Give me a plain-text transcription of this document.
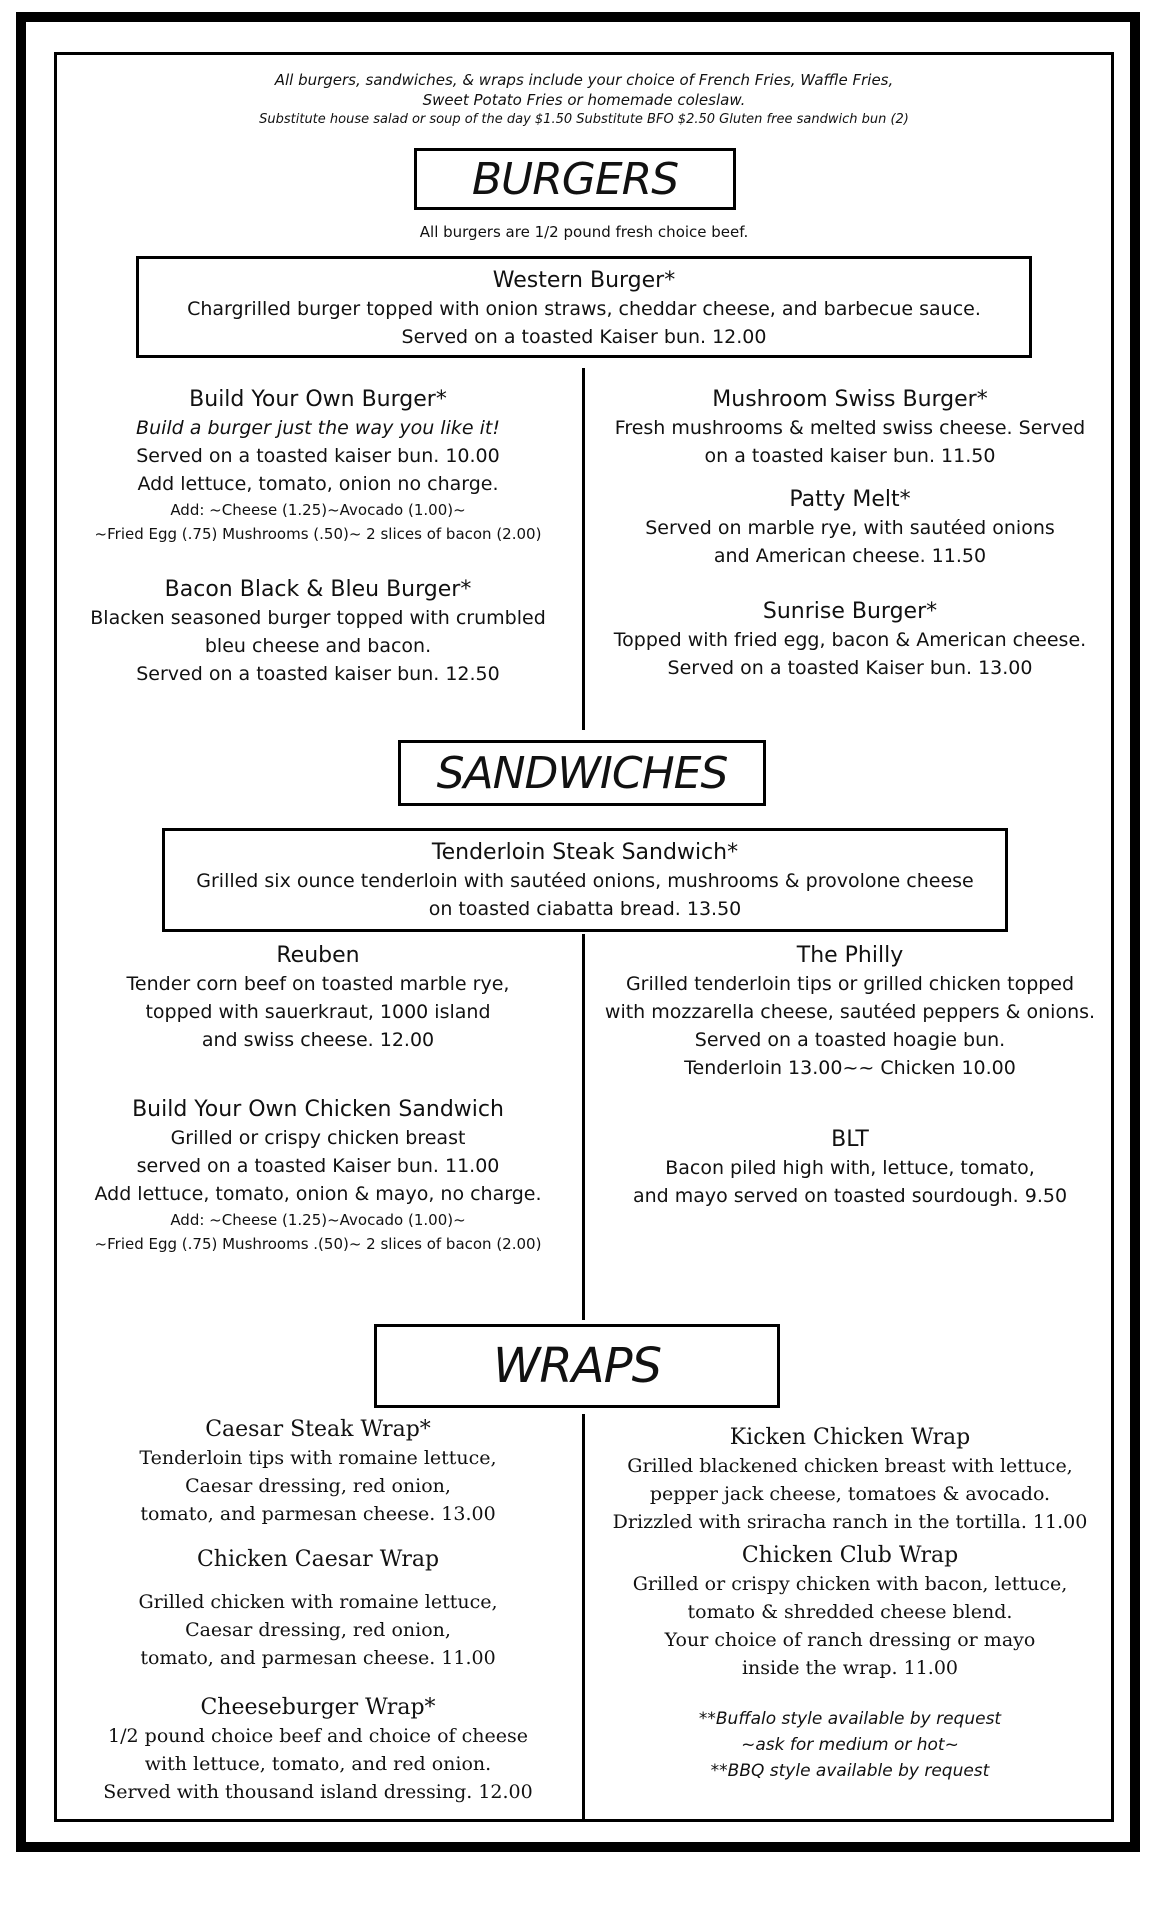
All burgers, sandwiches, & wraps include your choice of French Fries, Waffle Fries,
Sweet Potato Fries or homemade coleslaw.
Substitute house salad or soup of the day $1.50 Substitute BFO $2.50 Gluten free sandwich bun (2)
BURGERS
All burgers are 1/2 pound fresh choice beef.
Western Burger*
Chargrilled burger topped with onion straws, cheddar cheese, and barbecue sauce.
Served on a toasted Kaiser bun. 12.00
Build Your Own Burger*
Build a burger just the way you like it!
Served on a toasted kaiser bun. 10.00
Add lettuce, tomato, onion no charge.
Add: ~Cheese (1.25)~Avocado (1.00)~
~Fried Egg (.75) Mushrooms (.50)~ 2 slices of bacon (2.00)
Bacon Black & Bleu Burger*
Blacken seasoned burger topped with crumbled
bleu cheese and bacon.
Served on a toasted kaiser bun. 12.50
Mushroom Swiss Burger*
Fresh mushrooms & melted swiss cheese. Served
on a toasted kaiser bun. 11.50
Patty Melt*
Served on marble rye, with sautéed onions
and American cheese. 11.50
Sunrise Burger*
Topped with fried egg, bacon & American cheese.
Served on a toasted Kaiser bun. 13.00
SANDWICHES
Tenderloin Steak Sandwich*
Grilled six ounce tenderloin with sautéed onions, mushrooms & provolone cheese
on toasted ciabatta bread. 13.50
Reuben
Tender corn beef on toasted marble rye,
topped with sauerkraut, 1000 island
and swiss cheese. 12.00
Build Your Own Chicken Sandwich
Grilled or crispy chicken breast
served on a toasted Kaiser bun. 11.00
Add lettuce, tomato, onion & mayo, no charge.
Add: ~Cheese (1.25)~Avocado (1.00)~
~Fried Egg (.75) Mushrooms .(50)~ 2 slices of bacon (2.00)
The Philly
Grilled tenderloin tips or grilled chicken topped
with mozzarella cheese, sautéed peppers & onions.
Served on a toasted hoagie bun.
Tenderloin 13.00~~ Chicken 10.00
BLT
Bacon piled high with, lettuce, tomato,
and mayo served on toasted sourdough. 9.50
WRAPS
Caesar Steak Wrap*
Tenderloin tips with romaine lettuce,
Caesar dressing, red onion,
tomato, and parmesan cheese. 13.00
Chicken Caesar Wrap
Grilled chicken with romaine lettuce,
Caesar dressing, red onion,
tomato, and parmesan cheese. 11.00
Cheeseburger Wrap*
1/2 pound choice beef and choice of cheese
with lettuce, tomato, and red onion.
Served with thousand island dressing. 12.00
Kicken Chicken Wrap
Grilled blackened chicken breast with lettuce,
pepper jack cheese, tomatoes & avocado.
Drizzled with sriracha ranch in the tortilla. 11.00
Chicken Club Wrap
Grilled or crispy chicken with bacon, lettuce,
tomato & shredded cheese blend.
Your choice of ranch dressing or mayo
inside the wrap. 11.00
**Buffalo style available by request
~ask for medium or hot~
**BBQ style available by request
